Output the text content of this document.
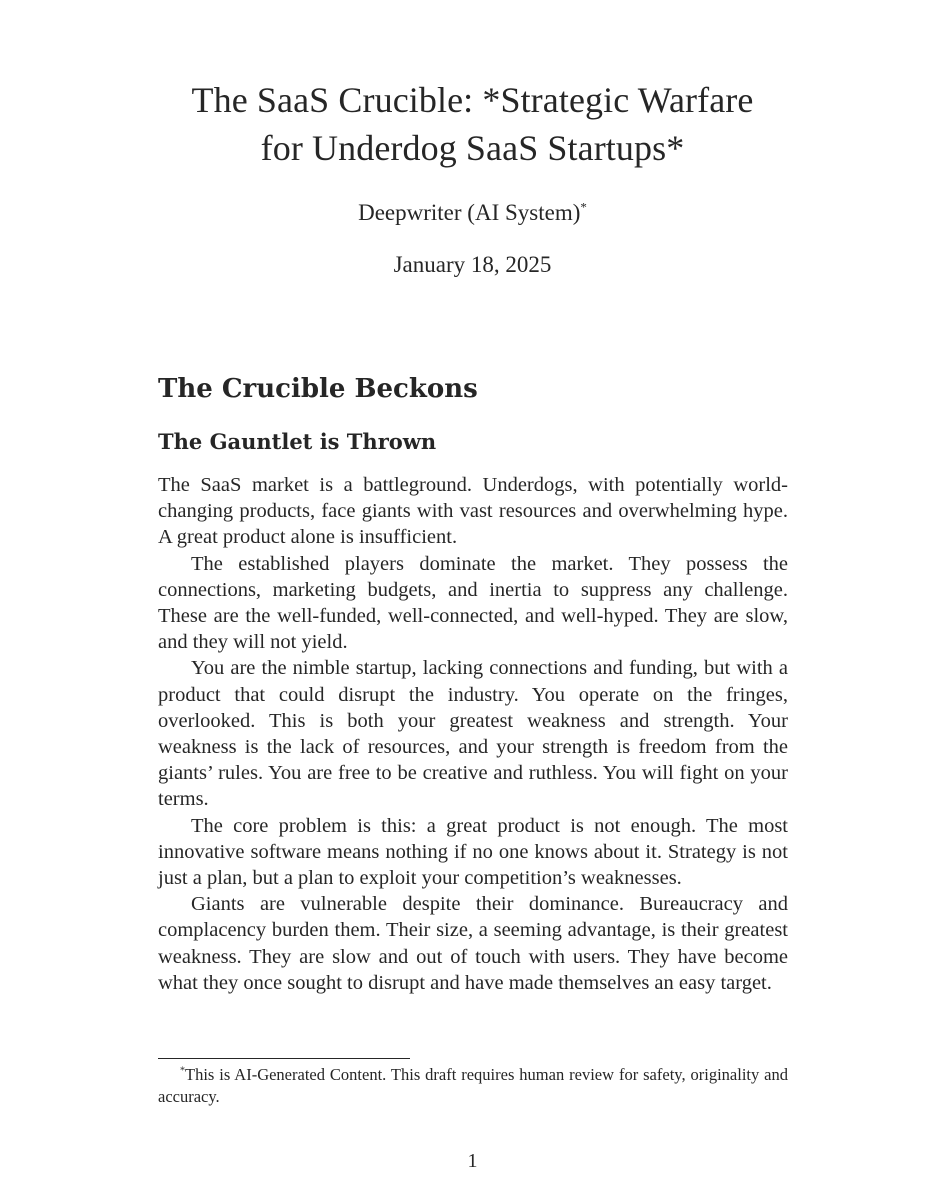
The SaaS Crucible: *Strategic Warfare
for Underdog SaaS Startups*
Deepwriter (AI System)*
January 18, 2025
The Crucible Beckons
The Gauntlet is Thrown

The SaaS market is a battleground. Underdogs, with potentially world-changing products, face giants with vast resources and overwhelming hype. A great product alone is insufficient.

The established players dominate the market. They possess the connections, marketing budgets, and inertia to suppress any challenge. These are the well-funded, well-connected, and well-hyped. They are slow, and they will not yield.

You are the nimble startup, lacking connections and funding, but with a product that could disrupt the industry. You operate on the fringes, overlooked. This is both your greatest weakness and strength. Your weakness is the lack of resources, and your strength is freedom from the giants’ rules. You are free to be creative and ruthless. You will fight on your terms.

The core problem is this: a great product is not enough. The most innovative software means nothing if no one knows about it. Strategy is not just a plan, but a plan to exploit your competition’s weaknesses.

Giants are vulnerable despite their dominance. Bureaucracy and complacency burden them. Their size, a seeming advantage, is their greatest weakness. They are slow and out of touch with users. They have become what they once sought to disrupt and have made themselves an easy target.

*This is AI-Generated Content. This draft requires human review for safety, originality and accuracy.
1
